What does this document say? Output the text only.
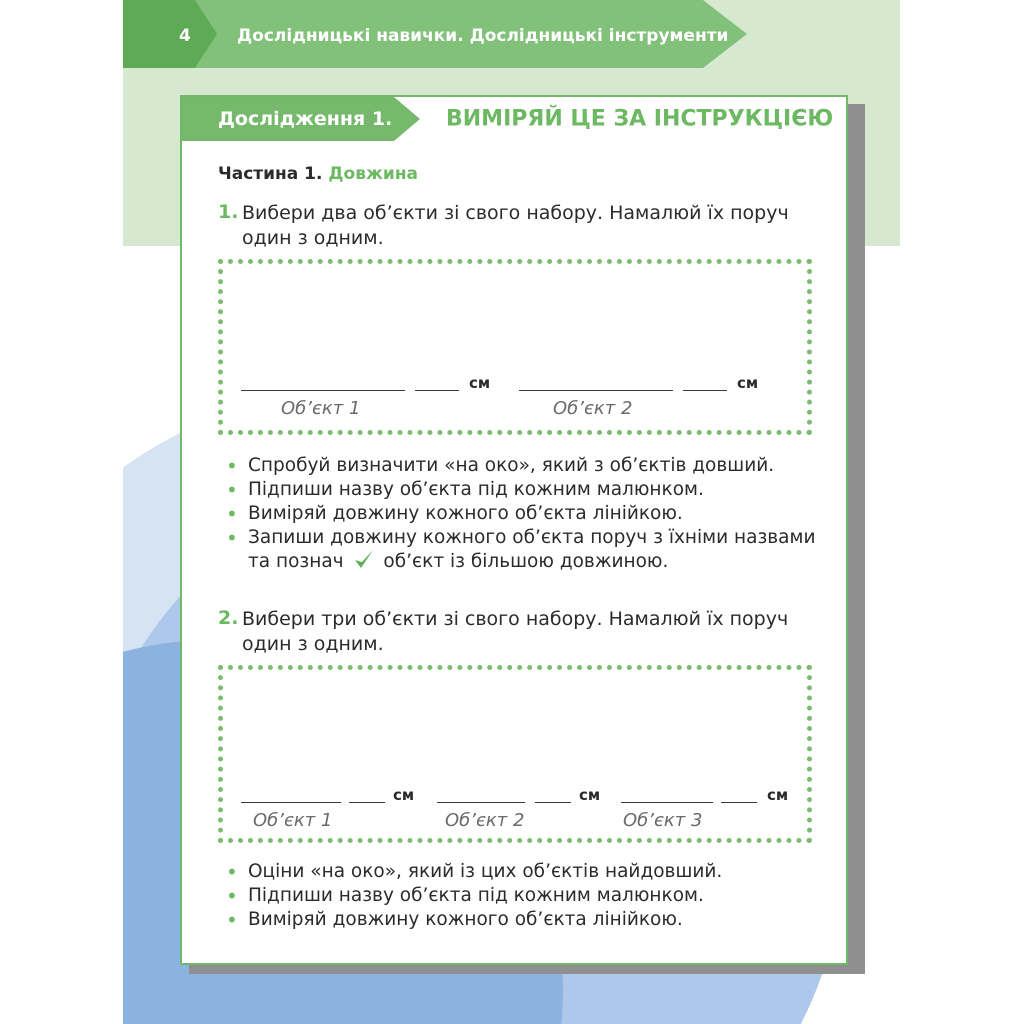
4	Дослідницькі навички. Дослідницькі інструменти
Дослідження 1. ВИМІРЯЙ ЦЕ ЗА ІНСТРУКЦІЄЮ
Частина 1. Довжина
1. Вибери два об’єкти зі свого набору. Намалюй їх поруч один з одним.
см	см
Об’єкт 1	Об’єкт 2
• Спробуй визначити «на око», який з об’єктів довший.
• Підпиши назву об’єкта під кожним малюнком.
• Виміряй довжину кожного об’єкта лінійкою.
• Запиши довжину кожного об’єкта поруч з їхніми назвами та познач об’єкт із більшою довжиною.
2. Вибери три об’єкти зі свого набору. Намалюй їх поруч один з одним.
см	см	см
Об’єкт 1	Об’єкт 2	Об’єкт 3
• Оціни «на око», який із цих об’єктів найдовший.
• Підпиши назву об’єкта під кожним малюнком.
• Виміряй довжину кожного об’єкта лінійкою.
